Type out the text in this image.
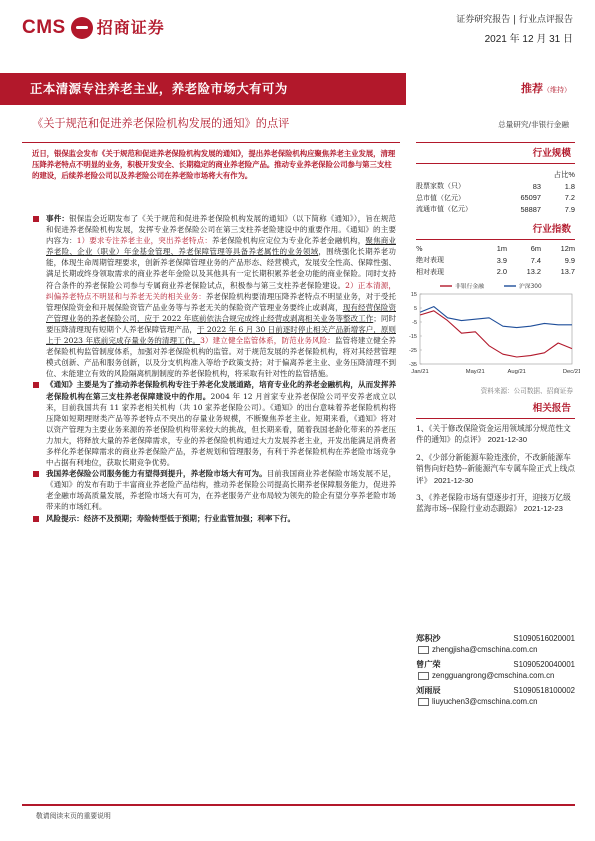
CMS 招商证券	证券研究报告 | 行业点评报告
2021 年 12 月 31 日
正本清源专注养老主业，养老险市场大有可为	推荐（维持）
《关于规范和促进养老保险机构发展的通知》的点评	总量研究/非银行金融
近日，银保监会发布《关于规范和促进养老保险机构发展的通知》，提出养老保险机构应聚焦养老主业发展，清理压降养老特点不明显的业务，积极开发安全、长期稳定的商业养老险产品。推动专业养老保险公司参与第三支柱的建设，后续养老险公司以及养老险公司在养老险市场将大有作为。
事件：银保监会近期发布了《关于规范和促进养老保险机构发展的通知》（以下简称《通知》），旨在规范和促进养老保险机构发展，发挥专业养老保险公司在第三支柱养老险建设中的重要作用。《通知》的主要内容为：1）要求专注养老主业，突出养老特点：养老保险机构应定位为专业化养老金融机构，聚焦商业养老险、企业（职业）年金基金管理、养老保障管理等具备养老属性的业务领域，围绕强化长期养老功能，体现生命周期管理要求，创新养老保障管理业务的产品形态、经营模式，发展安全性高、保障性强、满足长期或终身领取需求的商业养老年金险以及其他具有一定长期积累养老金功能的商业保险。同时支持符合条件的养老保险公司参与专属商业养老保险试点，积极参与第三支柱养老保险建设。2）正本清源，纠偏养老特点不明显和与养老无关的相关业务：养老保险机构要清理压降养老特点不明显业务，对于受托管理保险资金和开展保险资管产品业务等与养老无关的保险资产管理业务要终止或剥离，现有经营保险资产管理业务的养老保险公司，应于 2022 年底前依法合规完成终止经营或剥离相关业务等整改工作；同时要压降清理现有短期个人养老保障管理产品，于 2022 年 6 月 30 日前逐时停止相关产品新增客户，原则上于 2023 年底前完成存量业务的清理工作。3）建立健全监管体系，防范业务风险：监管将建立健全养老保险机构监管制度体系，加强对养老保险机构的监管。对于规范发展的养老保险机构，将对其经营管理模式创新、产品和服务创新，以及分支机构准入等给予政策支持；对于偏离养老主业、业务压降清理不到位、未能建立有效的风险隔离机制制度的养老保险机构，将采取有针对性的监管措施。
《通知》主要是为了推动养老保险机构专注于养老化发展道路，培育专业化的养老金融机构，从而发挥养老保险机构在第三支柱养老保障建设中的作用。2004 年 12 月首家专业养老保险公司平安养老成立以来，目前我国共有 11 家养老相关机构（共 10 家养老保险公司）。《通知》的出台意味着养老保险机构将压降如短期理财类产品等养老特点不突出的存量业务规模，不断聚焦养老主业。短期来看，《通知》将对以资产管理为主要业务来源的养老保险机构带来较大的挑战，但长期来看，随着我国老龄化带来的养老压力加大，将释放大量的养老保障需求，专业的养老保险机构通过大力发展养老主业，开发出能满足消费者多样化养老保障需求的商业养老保险产品，养老规划和管理服务，有利于养老保险机构在养老险市场竞争中占据有利地位，获取长期竞争优势。
我国养老保险公司服务能力有望得到提升，养老险市场大有可为。目前我国商业养老保险市场发展不足，《通知》的发布有助于丰富商业养老险产品结构，推动养老保险公司提高长期养老保障服务能力，促进养老金融市场高质量发展，养老险市场大有可为，在养老服务产业布局较为领先的险企有望分享养老险市场带来的市场红利。
风险提示：经济不及预期；寿险转型低于预期；行业监管加强；利率下行。
行业规模
占比%
股票家数（只）	83	1.8
总市值（亿元）	65097	7.2
流通市值（亿元）	58887	7.9
行业指数
%	1m	6m	12m
绝对表现	3.9	7.4	9.9
相对表现	2.0	13.2	13.7
15
5
-5
-15
-25
-35
Jan/21	May/21	Aug/21	Dec/21
非银行金融	沪深300
资料来源：公司数据、招商证券
相关报告
1、《关于修改保险资金运用领域部分规范性文件的通知》的点评》 2021-12-30
2、《少部分新能源车险连涨价，不改新能源车销售向好趋势--新能源汽车专属车险正式上线点评》 2021-12-30
3、《养老保险市场有望逐步打开，迎接万亿级蓝海市场--保险行业动态跟踪》 2021-12-23
郑积沙	S1090516020001
zhengjisha@cmschina.com.cn
曾广荣	S1090520040001
zengguangrong@cmschina.com.cn
刘雨辰	S1090518100002
liuyuchen3@cmschina.com.cn
敬请阅读末页的重要说明
